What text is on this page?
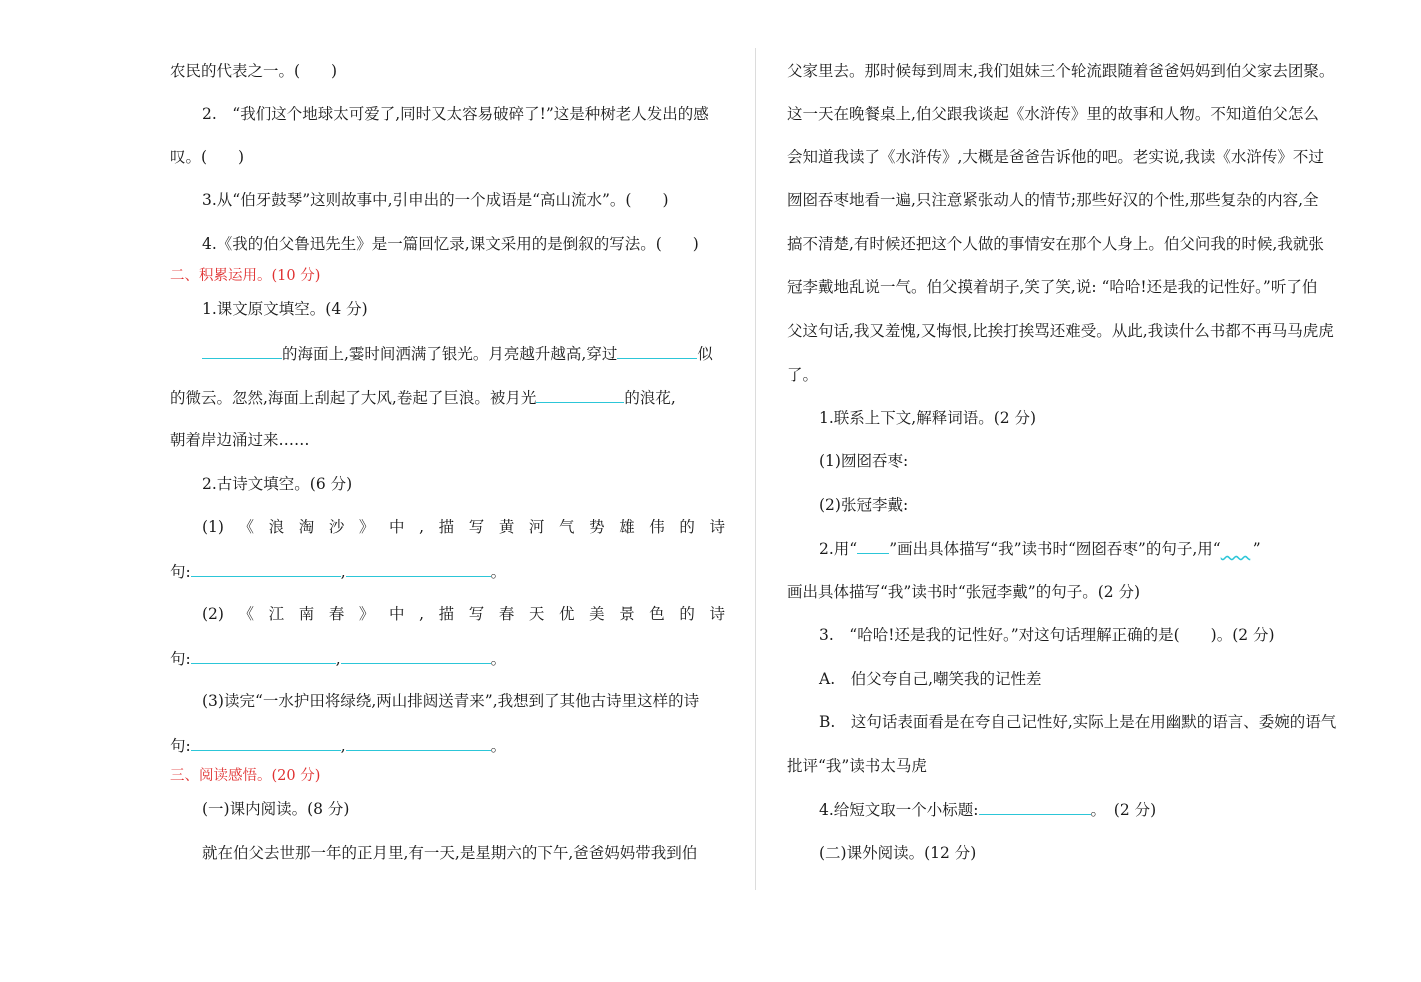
农民的代表之一。(　　)
2.　“我们这个地球太可爱了,同时又太容易破碎了!”这是种树老人发出的感
叹。(　　)
3.从“伯牙鼓琴”这则故事中,引申出的一个成语是“高山流水”。(　　)
4.《我的伯父鲁迅先生》是一篇回忆录,课文采用的是倒叙的写法。(　　)
二、积累运用。(10 分)
1.课文原文填空。(4 分)
的海面上,霎时间洒满了银光。月亮越升越高,穿过	似
的微云。忽然,海面上刮起了大风,卷起了巨浪。被月光	的浪花,
朝着岸边涌过来……
2.古诗文填空。(6 分)
(1) 《 浪 淘 沙 》 中 , 描 写 黄 河 气 势 雄 伟 的 诗
句:	,	。
(2) 《 江 南 春 》 中 , 描 写 春 天 优 美 景 色 的 诗
句:	,	。
(3)读完“一水护田将绿绕,两山排闼送青来”,我想到了其他古诗里这样的诗
句:	,	。
三、阅读感悟。(20 分)
(一)课内阅读。(8 分)
就在伯父去世那一年的正月里,有一天,是星期六的下午,爸爸妈妈带我到伯
父家里去。那时候每到周末,我们姐妹三个轮流跟随着爸爸妈妈到伯父家去团聚。
这一天在晚餐桌上,伯父跟我谈起《水浒传》里的故事和人物。不知道伯父怎么
会知道我读了《水浒传》,大概是爸爸告诉他的吧。老实说,我读《水浒传》不过
囫囵吞枣地看一遍,只注意紧张动人的情节;那些好汉的个性,那些复杂的内容,全
搞不清楚,有时候还把这个人做的事情安在那个人身上。伯父问我的时候,我就张
冠李戴地乱说一气。伯父摸着胡子,笑了笑,说: “哈哈!还是我的记性好。”听了伯
父这句话,我又羞愧,又悔恨,比挨打挨骂还难受。从此,我读什么书都不再马马虎虎
了。
1.联系上下文,解释词语。(2 分)
(1)囫囵吞枣:
(2)张冠李戴:
2.用“ ”画出具体描写“我”读书时“囫囵吞枣”的句子,用“ ”
画出具体描写“我”读书时“张冠李戴”的句子。(2 分)
3.　“哈哈!还是我的记性好。”对这句话理解正确的是(　　)。(2 分)
A.　伯父夸自己,嘲笑我的记性差
B.　这句话表面看是在夸自己记性好,实际上是在用幽默的语言、委婉的语气
批评“我”读书太马虎
4.给短文取一个小标题:	。　(2 分)
(二)课外阅读。(12 分)
